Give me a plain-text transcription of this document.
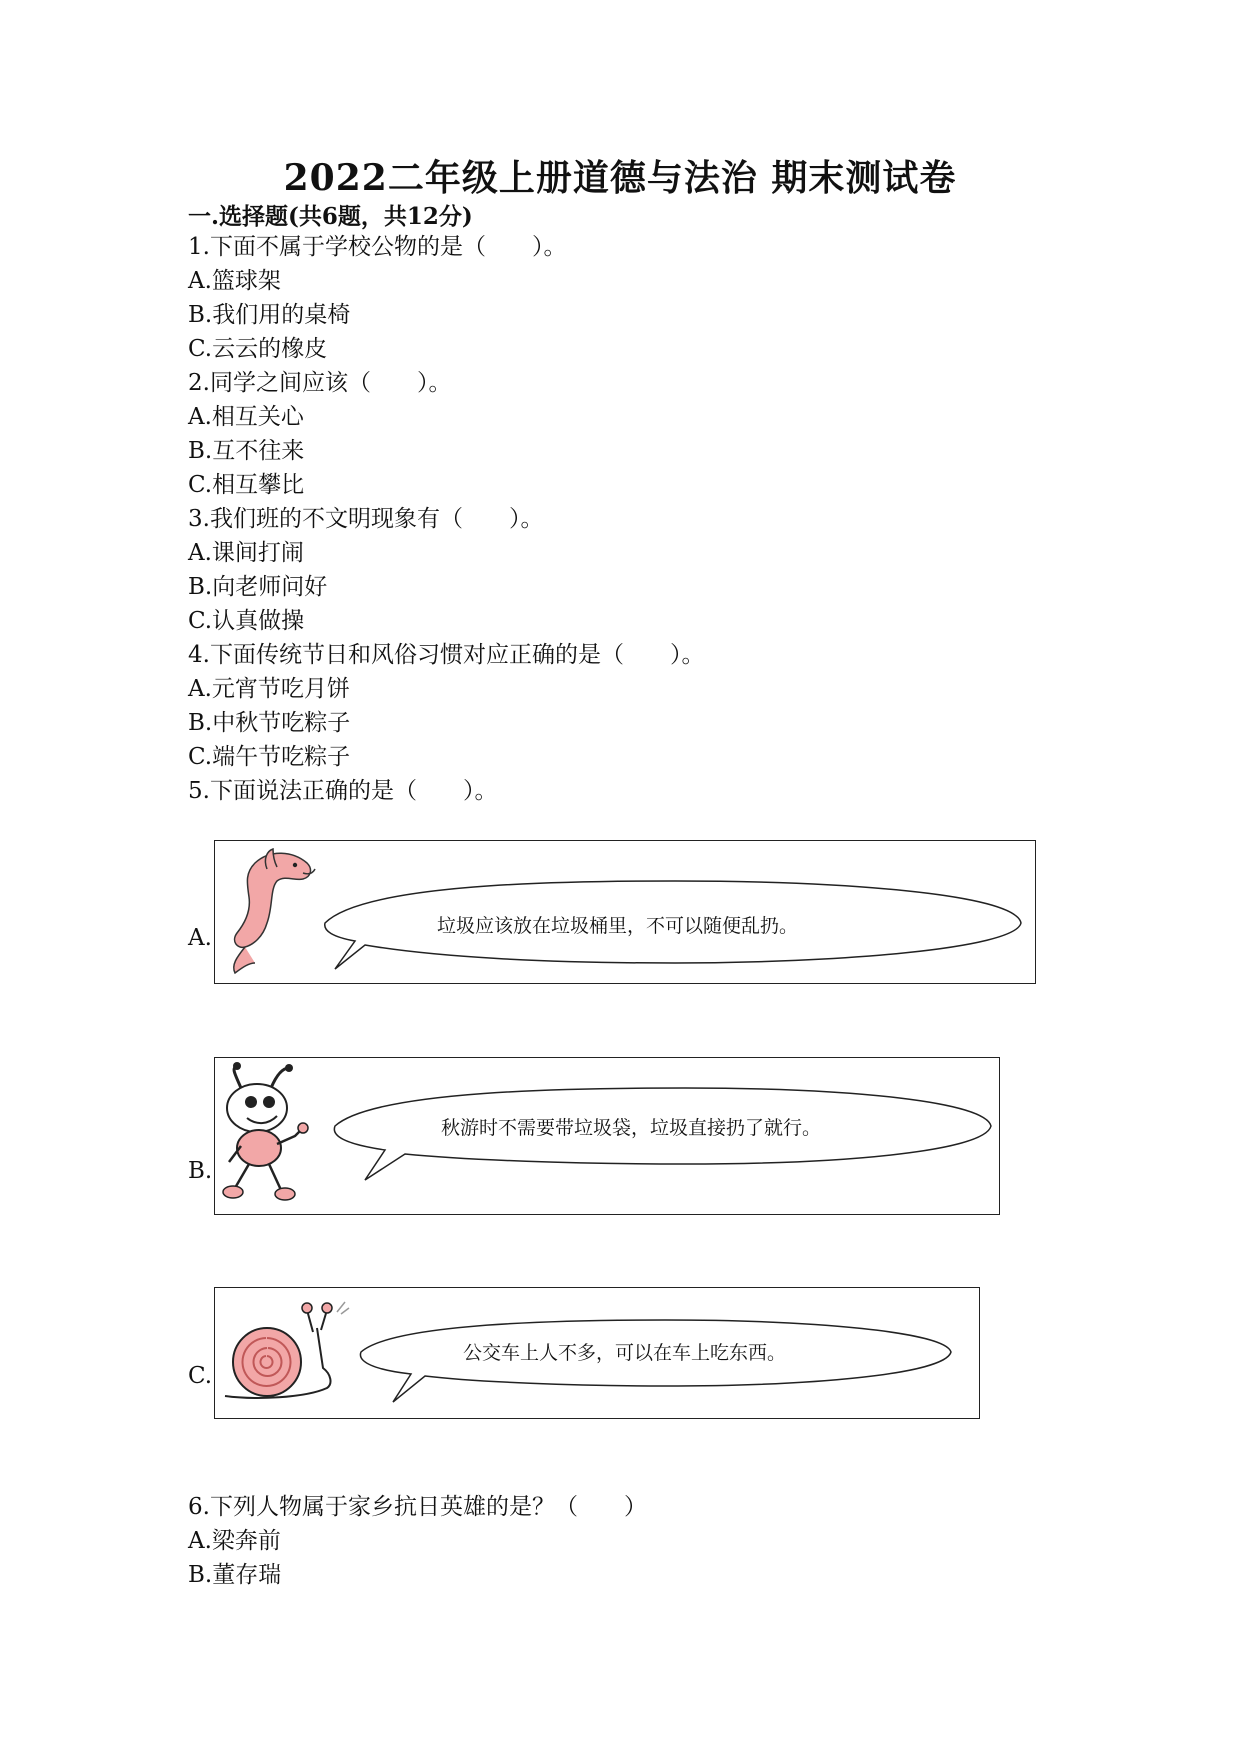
2022二年级上册道德与法治 期末测试卷
一.选择题(共6题，共12分)
1.下面不属于学校公物的是（　　）。
A.篮球架
B.我们用的桌椅
C.云云的橡皮
2.同学之间应该（　　）。
A.相互关心
B.互不往来
C.相互攀比
3.我们班的不文明现象有（　　）。
A.课间打闹
B.向老师问好
C.认真做操
4.下面传统节日和风俗习惯对应正确的是（　　）。
A.元宵节吃月饼
B.中秋节吃粽子
C.端午节吃粽子
5.下面说法正确的是（　　）。
A.	垃圾应该放在垃圾桶里，不可以随便乱扔。
B.
秋游时不需要带垃圾袋，垃圾直接扔了就行。
C.
公交车上人不多，可以在车上吃东西。
6.下列人物属于家乡抗日英雄的是？（　　）
A.梁奔前
B.董存瑞
